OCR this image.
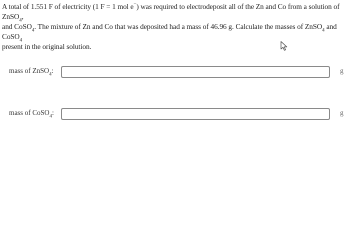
A total of 1.551 F of electricity (1 F = 1 mol e−) was required to electrodeposit all of the Zn and Co from a solution of ZnSO$_4$,
and CoSO$_4$. The mixture of Zn and Co that was deposited had a mass of 46.96 g. Calculate the masses of ZnSO$_4$ and CoSO$_4$
present in the original solution.
mass of ZnSO$_4$:	g
mass of CoSO$_4$:	g
